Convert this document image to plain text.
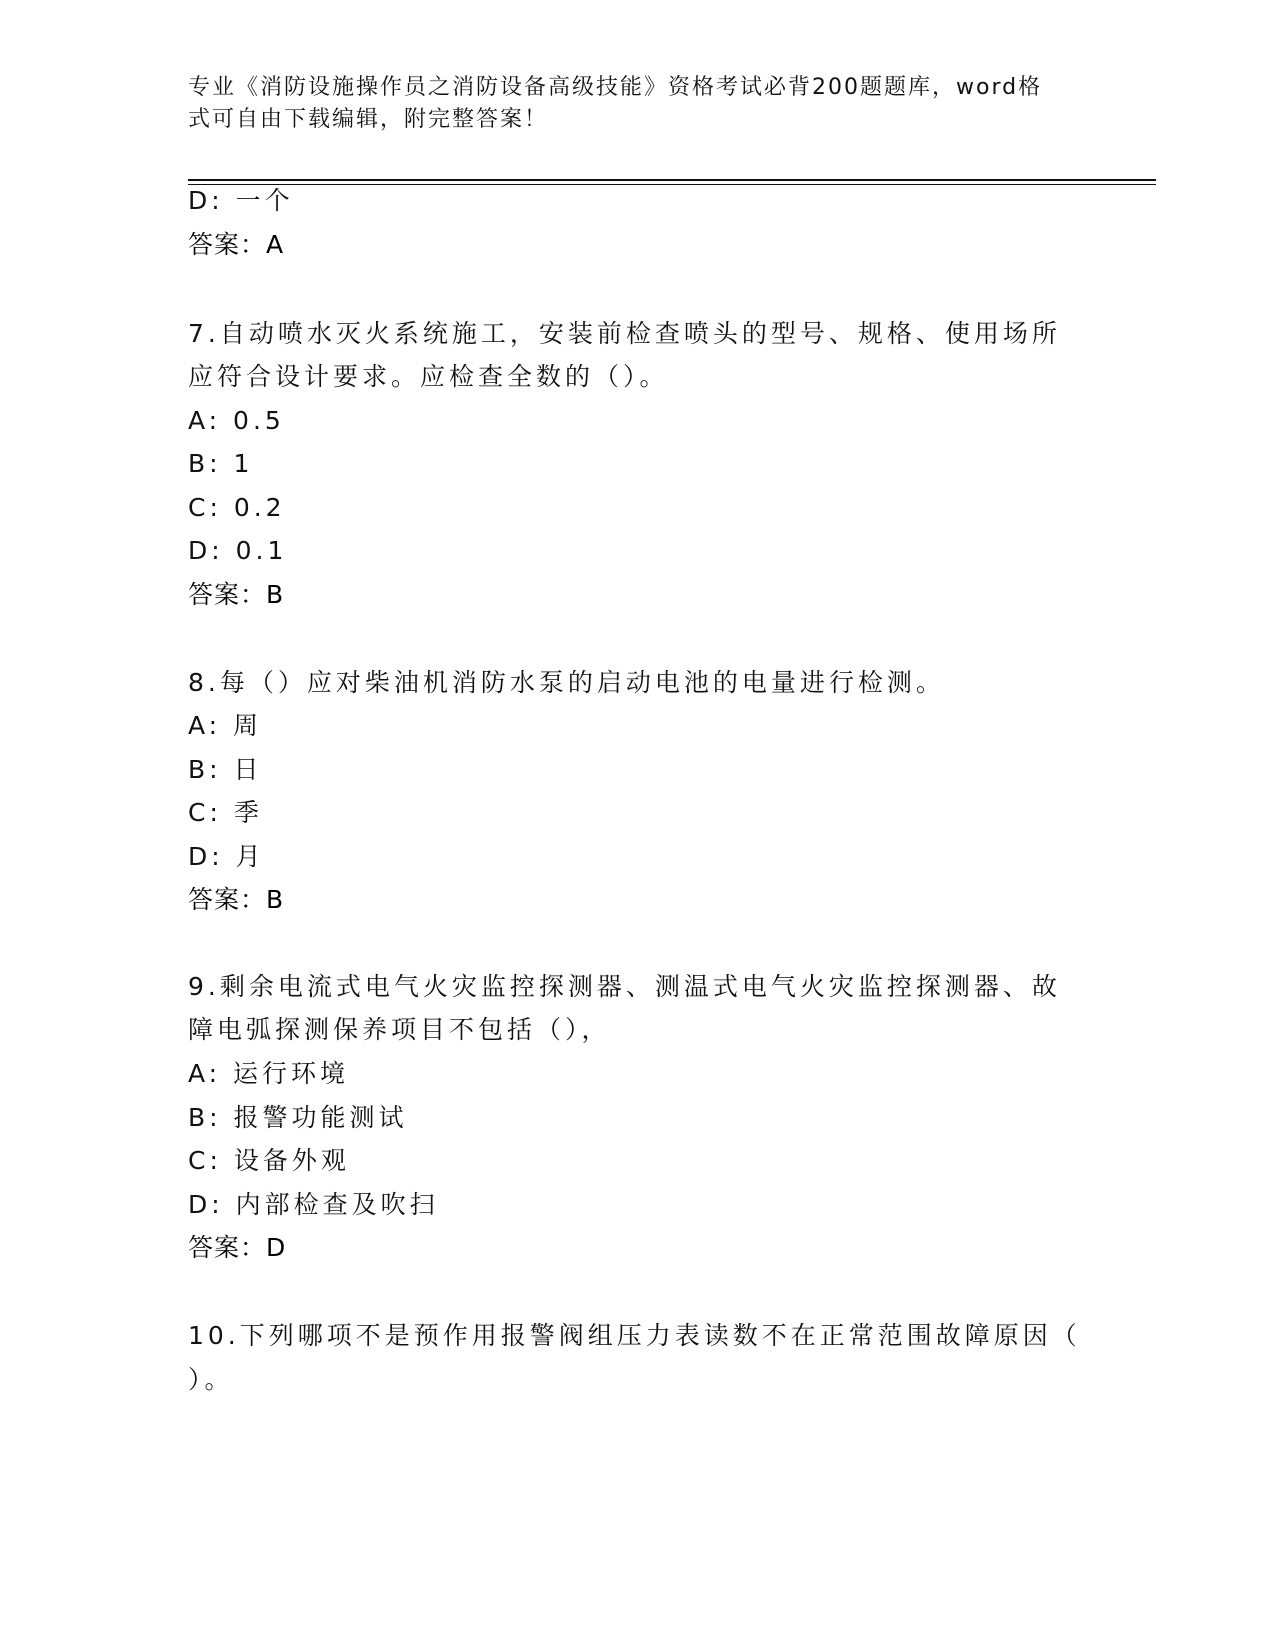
专业《消防设施操作员之消防设备高级技能》资格考试必背200题题库，word格
式可自由下载编辑，附完整答案！
D: 一个
答案：A
7.自动喷水灭火系统施工，安装前检查喷头的型号、规格、使用场所
应符合设计要求。应检查全数的（）。
A: 0.5
B: 1
C: 0.2
D: 0.1
答案：B
8.每（）应对柴油机消防水泵的启动电池的电量进行检测。
A: 周
B: 日
C: 季
D: 月
答案：B
9.剩余电流式电气火灾监控探测器、测温式电气火灾监控探测器、故
障电弧探测保养项目不包括（），
A: 运行环境
B: 报警功能测试
C: 设备外观
D: 内部检查及吹扫
答案：D
10.下列哪项不是预作用报警阀组压力表读数不在正常范围故障原因（
）。
